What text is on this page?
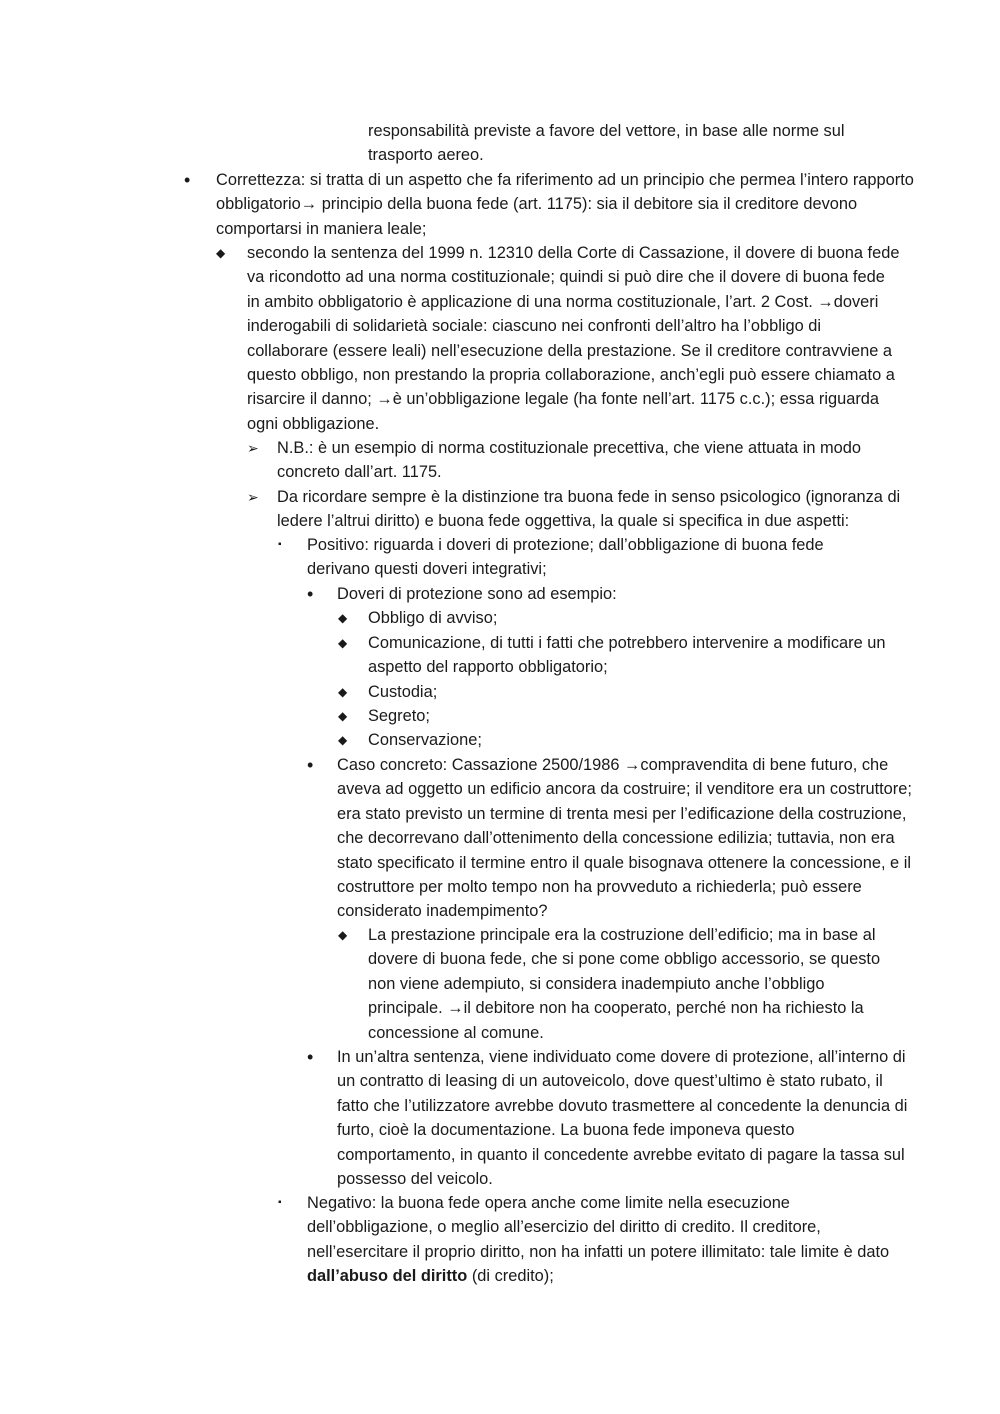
responsabilità previste a favore del vettore, in base alle norme sul trasporto aereo.
• Correttezza: si tratta di un aspetto che fa riferimento ad un principio che permea l’intero rapporto obbligatorio→ principio della buona fede (art. 1175): sia il debitore sia il creditore devono comportarsi in maniera leale;
◆ secondo la sentenza del 1999 n. 12310 della Corte di Cassazione, il dovere di buona fede va ricondotto ad una norma costituzionale; quindi si può dire che il dovere di buona fede in ambito obbligatorio è applicazione di una norma costituzionale, l’art. 2 Cost. →doveri inderogabili di solidarietà sociale: ciascuno nei confronti dell’altro ha l’obbligo di collaborare (essere leali) nell’esecuzione della prestazione. Se il creditore contravviene a questo obbligo, non prestando la propria collaborazione, anch’egli può essere chiamato a risarcire il danno; →è un’obbligazione legale (ha fonte nell’art. 1175 c.c.); essa riguarda ogni obbligazione.
➢ N.B.: è un esempio di norma costituzionale precettiva, che viene attuata in modo concreto dall’art. 1175.
➢ Da ricordare sempre è la distinzione tra buona fede in senso psicologico (ignoranza di ledere l’altrui diritto) e buona fede oggettiva, la quale si specifica in due aspetti:
▪ Positivo: riguarda i doveri di protezione; dall’obbligazione di buona fede derivano questi doveri integrativi;
• Doveri di protezione sono ad esempio:
◆ Obbligo di avviso;
◆ Comunicazione, di tutti i fatti che potrebbero intervenire a modificare un aspetto del rapporto obbligatorio;
◆ Custodia;
◆ Segreto;
◆ Conservazione;
• Caso concreto: Cassazione 2500/1986 →compravendita di bene futuro, che aveva ad oggetto un edificio ancora da costruire; il venditore era un costruttore; era stato previsto un termine di trenta mesi per l’edificazione della costruzione, che decorrevano dall’ottenimento della concessione edilizia; tuttavia, non era stato specificato il termine entro il quale bisognava ottenere la concessione, e il costruttore per molto tempo non ha provveduto a richiederla; può essere considerato inadempimento?
◆ La prestazione principale era la costruzione dell’edificio; ma in base al dovere di buona fede, che si pone come obbligo accessorio, se questo non viene adempiuto, si considera inadempiuto anche l’obbligo principale. →il debitore non ha cooperato, perché non ha richiesto la concessione al comune.
• In un’altra sentenza, viene individuato come dovere di protezione, all’interno di un contratto di leasing di un autoveicolo, dove quest’ultimo è stato rubato, il fatto che l’utilizzatore avrebbe dovuto trasmettere al concedente la denuncia di furto, cioè la documentazione. La buona fede imponeva questo comportamento, in quanto il concedente avrebbe evitato di pagare la tassa sul possesso del veicolo.
▪ Negativo: la buona fede opera anche come limite nella esecuzione dell’obbligazione, o meglio all’esercizio del diritto di credito. Il creditore, nell’esercitare il proprio diritto, non ha infatti un potere illimitato: tale limite è dato dall’abuso del diritto (di credito);
